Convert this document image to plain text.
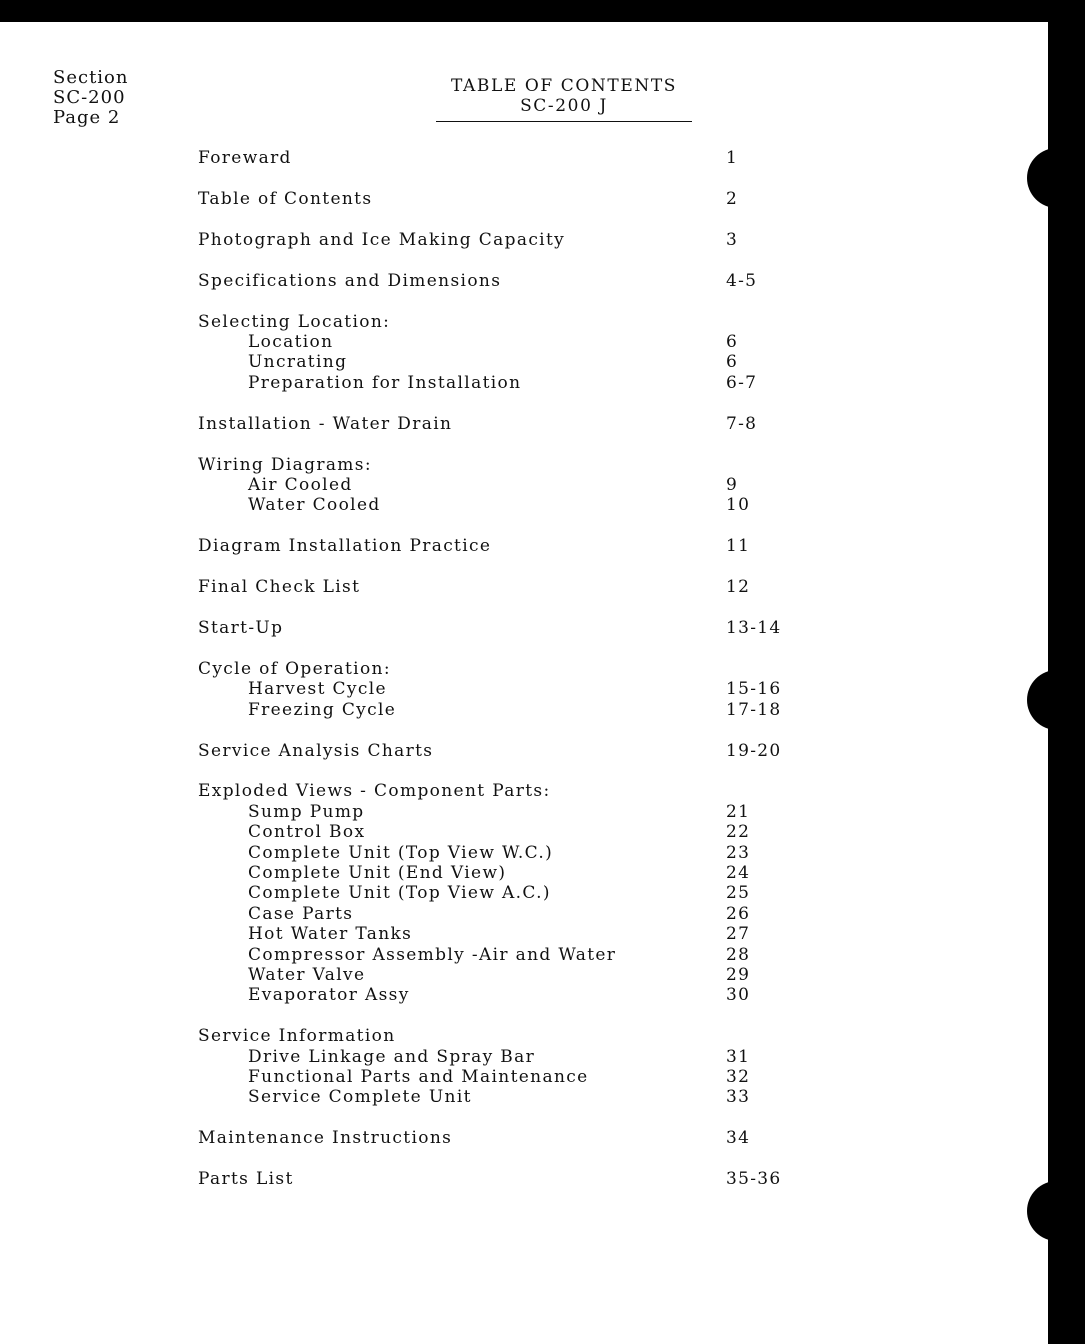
Section
SC-200
Page 2
TABLE OF CONTENTS
SC-200 J
Foreward	1
Table of Contents	2
Photograph and Ice Making Capacity	3
Specifications and Dimensions	4-5
Selecting Location:
Location	6
Uncrating	6
Preparation for Installation	6-7
Installation - Water Drain	7-8
Wiring Diagrams:
Air Cooled	9
Water Cooled	10
Diagram Installation Practice	11
Final Check List	12
Start-Up	13-14
Cycle of Operation:
Harvest Cycle	15-16
Freezing Cycle	17-18
Service Analysis Charts	19-20
Exploded Views - Component Parts:
Sump Pump	21
Control Box	22
Complete Unit (Top View W.C.)	23
Complete Unit (End View)	24
Complete Unit (Top View A.C.)	25
Case Parts	26
Hot Water Tanks	27
Compressor Assembly -Air and Water	28
Water Valve	29
Evaporator Assy	30
Service Information
Drive Linkage and Spray Bar	31
Functional Parts and Maintenance	32
Service Complete Unit	33
Maintenance Instructions	34
Parts List	35-36
